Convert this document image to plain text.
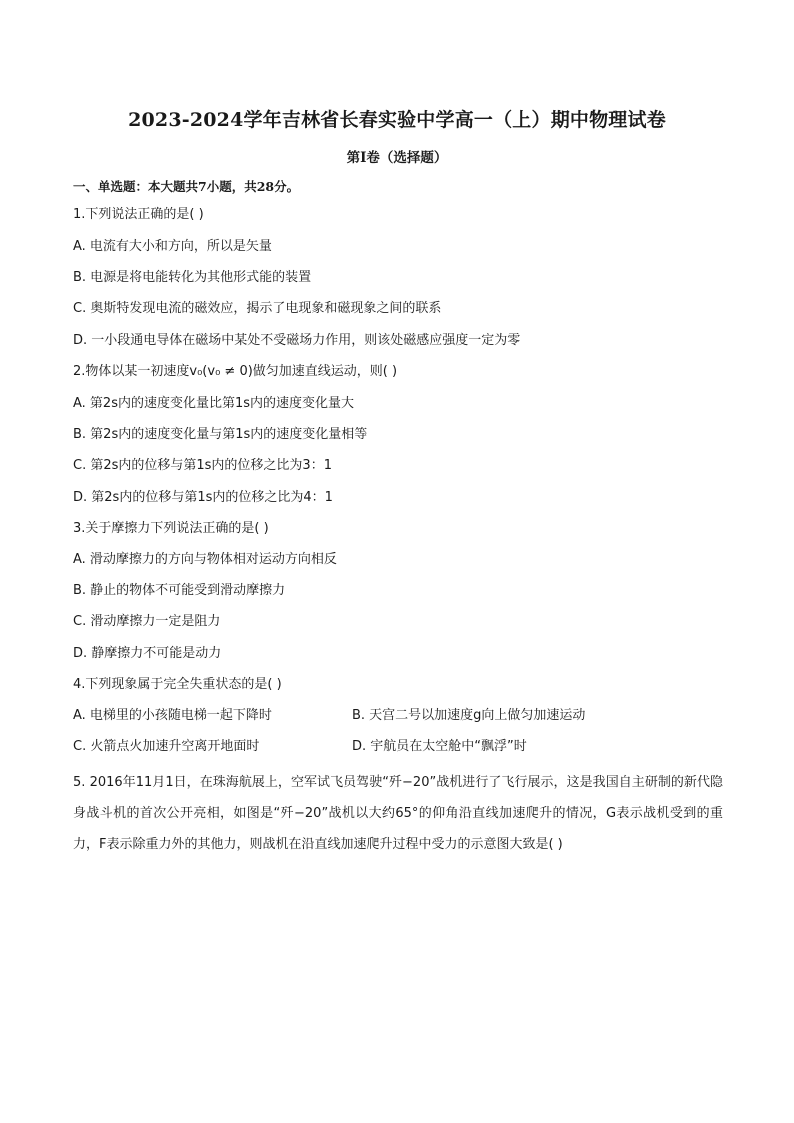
2023-2024学年吉林省长春实验中学高一（上）期中物理试卷
第I卷（选择题）
一、单选题：本大题共7小题，共28分。
1.下列说法正确的是( )
A. 电流有大小和方向，所以是矢量
B. 电源是将电能转化为其他形式能的装置
C. 奥斯特发现电流的磁效应，揭示了电现象和磁现象之间的联系
D. 一小段通电导体在磁场中某处不受磁场力作用，则该处磁感应强度一定为零
2.物体以某一初速度v₀(v₀ ≠ 0)做匀加速直线运动，则( )
A. 第2s内的速度变化量比第1s内的速度变化量大
B. 第2s内的速度变化量与第1s内的速度变化量相等
C. 第2s内的位移与第1s内的位移之比为3：1
D. 第2s内的位移与第1s内的位移之比为4：1
3.关于摩擦力下列说法正确的是( )
A. 滑动摩擦力的方向与物体相对运动方向相反
B. 静止的物体不可能受到滑动摩擦力
C. 滑动摩擦力一定是阻力
D. 静摩擦力不可能是动力
4.下列现象属于完全失重状态的是( )
A. 电梯里的小孩随电梯一起下降时	B. 天宫二号以加速度g向上做匀加速运动
C. 火箭点火加速升空离开地面时	D. 宇航员在太空舱中“飘浮”时
5. 2016年11月1日，在珠海航展上，空军试飞员驾驶“歼−20”战机进行了飞行展示，这是我国自主研制的新代隐身战斗机的首次公开亮相，如图是“歼−20”战机以大约65°的仰角沿直线加速爬升的情况，G表示战机受到的重力，F表示除重力外的其他力，则战机在沿直线加速爬升过程中受力的示意图大致是( )
